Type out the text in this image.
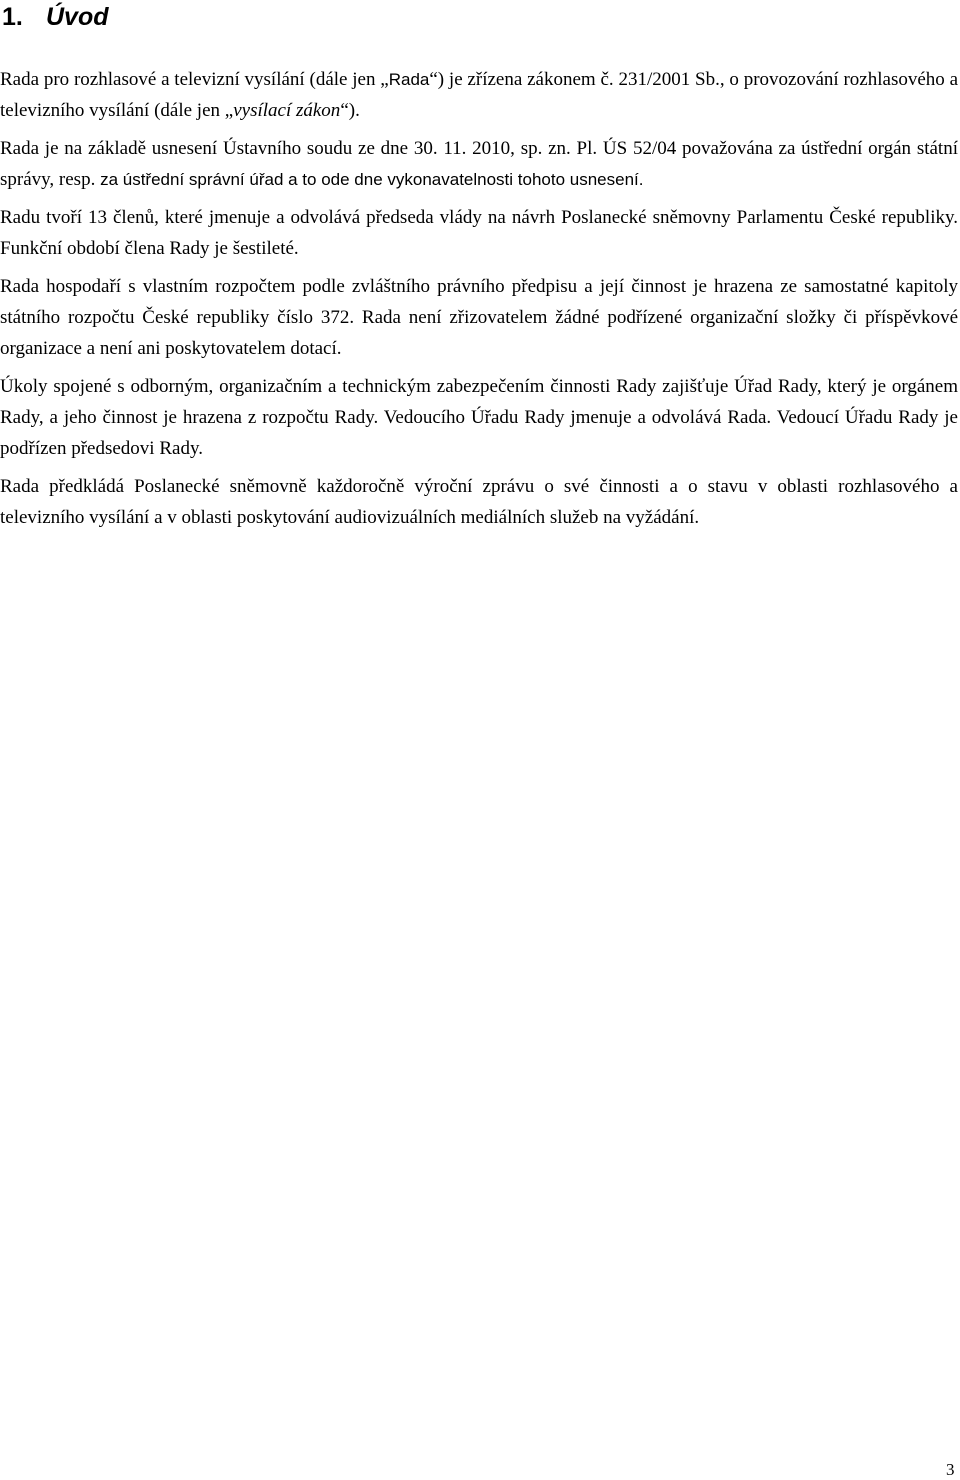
1. Úvod

Rada pro rozhlasové a televizní vysílání (dále jen „Rada“) je zřízena zákonem č. 231/2001 Sb., o provozování rozhlasového a televizního vysílání (dále jen „vysílací zákon“).

Rada je na základě usnesení Ústavního soudu ze dne 30. 11. 2010, sp. zn. Pl. ÚS 52/04 považována za ústřední orgán státní správy, resp. za ústřední správní úřad a to ode dne vykonavatelnosti tohoto usnesení.

Radu tvoří 13 členů, které jmenuje a odvolává předseda vlády na návrh Poslanecké sněmovny Parlamentu České republiky. Funkční období člena Rady je šestileté.

Rada hospodaří s vlastním rozpočtem podle zvláštního právního předpisu a její činnost je hrazena ze samostatné kapitoly státního rozpočtu České republiky číslo 372. Rada není zřizovatelem žádné podřízené organizační složky či příspěvkové organizace a není ani poskytovatelem dotací.

Úkoly spojené s odborným, organizačním a technickým zabezpečením činnosti Rady zajišťuje Úřad Rady, který je orgánem Rady, a jeho činnost je hrazena z rozpočtu Rady. Vedoucího Úřadu Rady jmenuje a odvolává Rada. Vedoucí Úřadu Rady je podřízen předsedovi Rady.

Rada předkládá Poslanecké sněmovně každoročně výroční zprávu o své činnosti a o stavu v oblasti rozhlasového a televizního vysílání a v oblasti poskytování audiovizuálních mediálních služeb na vyžádání.

3
